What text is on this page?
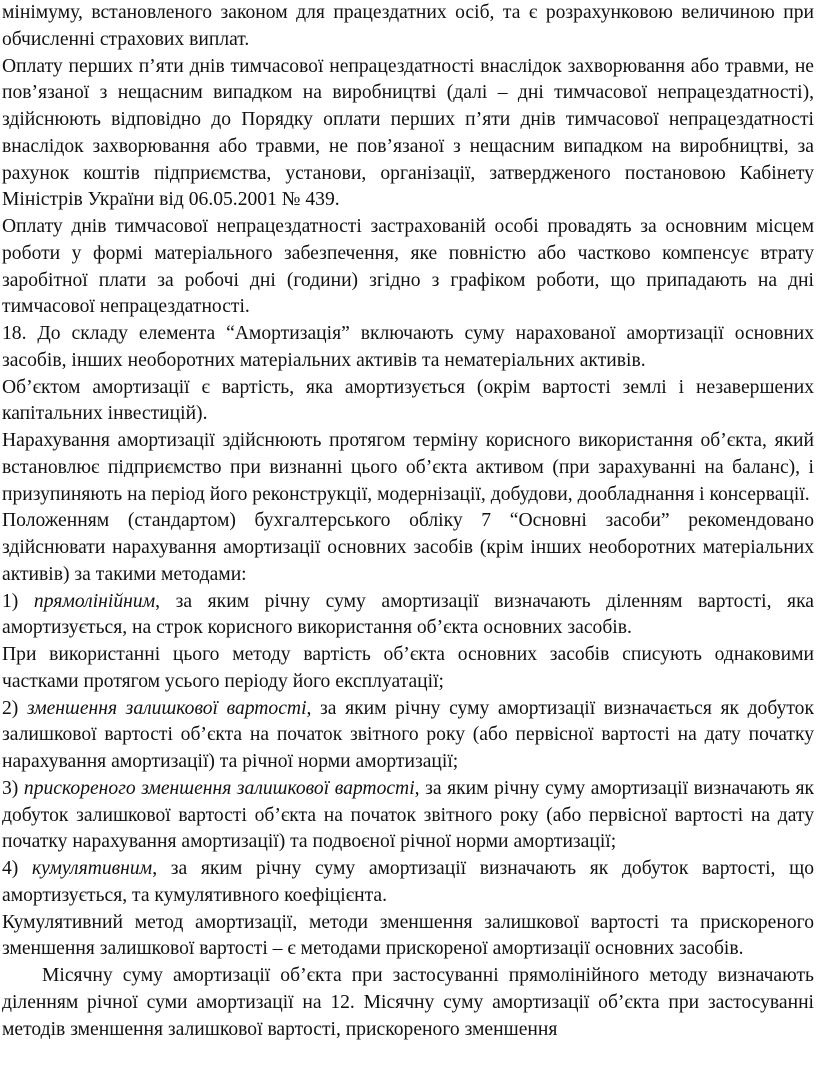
мінімуму, встановленого законом для працездатних осіб, та є розрахунковою величиною при обчисленні страхових виплат.

Оплату перших п’яти днів тимчасової непрацездатності внаслідок захворювання або травми, не пов’язаної з нещасним випадком на виробництві (далі – дні тимчасової непрацездатності), здійснюють відповідно до Порядку оплати перших п’яти днів тимчасової непрацездатності внаслідок захворювання або травми, не пов’язаної з нещасним випадком на виробництві, за рахунок коштів підприємства, установи, організації, затвердженого постановою Кабінету Міністрів України від 06.05.2001 № 439.

Оплату днів тимчасової непрацездатності застрахованій особі провадять за основним місцем роботи у формі матеріального забезпечення, яке повністю або частково компенсує втрату заробітної плати за робочі дні (години) згідно з графіком роботи, що припадають на дні тимчасової непрацездатності.

18. До складу елемента “Амортизація” включають суму нарахованої амортизації основних засобів, інших необоротних матеріальних активів та нематеріальних активів.

Об’єктом амортизації є вартість, яка амортизується (окрім вартості землі і незавершених капітальних інвестицій).

Нарахування амортизації здійснюють протягом терміну корисного використання об’єкта, який встановлює підприємство при визнанні цього об’єкта активом (при зарахуванні на баланс), і призупиняють на період його реконструкції, модернізації, добудови, дообладнання і консервації.

Положенням (стандартом) бухгалтерського обліку 7 “Основні засоби” рекомендовано здійснювати нарахування амортизації основних засобів (крім інших необоротних матеріальних активів) за такими методами:

1) прямолінійним, за яким річну суму амортизації визначають діленням вартості, яка амортизується, на строк корисного використання об’єкта основних засобів.

При використанні цього методу вартість об’єкта основних засобів списують однаковими частками протягом усього періоду його експлуатації;

2) зменшення залишкової вартості, за яким річну суму амортизації визначається як добуток залишкової вартості об’єкта на початок звітного року (або первісної вартості на дату початку нарахування амортизації) та річної норми амортизації;

3) прискореного зменшення залишкової вартості, за яким річну суму амортизації визначають як добуток залишкової вартості об’єкта на початок звітного року (або первісної вартості на дату початку нарахування амортизації) та подвоєної річної норми амортизації;

4) кумулятивним, за яким річну суму амортизації визначають як добуток вартості, що амортизується, та кумулятивного коефіцієнта.

Кумулятивний метод амортизації, методи зменшення залишкової вартості та прискореного зменшення залишкової вартості – є методами прискореної амортизації основних засобів.

Місячну суму амортизації об’єкта при застосуванні прямолінійного методу визначають діленням річної суми амортизації на 12. Місячну суму амортизації об’єкта при застосуванні методів зменшення залишкової вартості, прискореного зменшення
